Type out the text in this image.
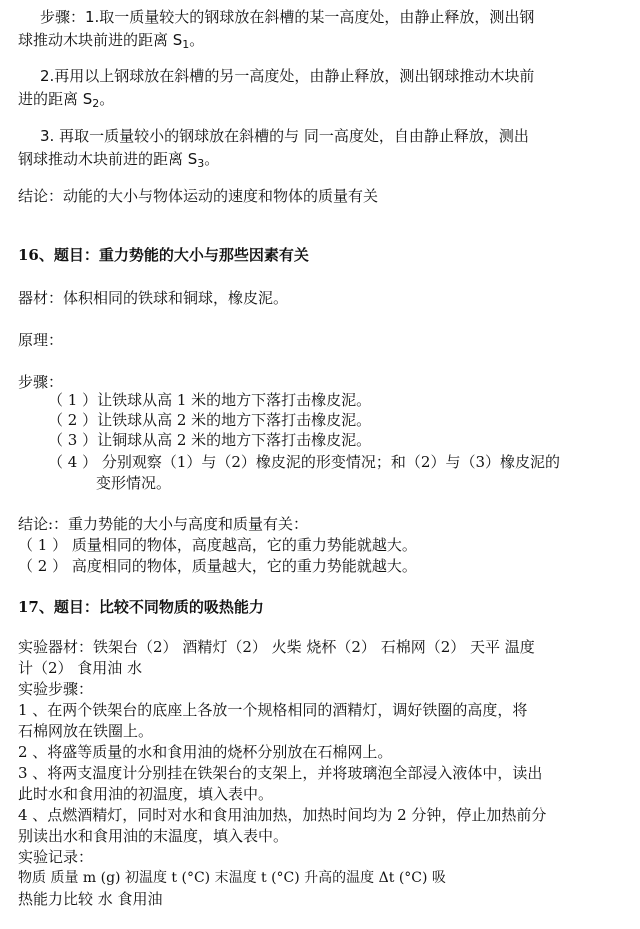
步骤：1.取一质量较大的钢球放在斜槽的某一高度处，由静止释放，测出钢
球推动木块前进的距离 $S_1$。
2.再用以上钢球放在斜槽的另一高度处，由静止释放，测出钢球推动木块前
进的距离 $S_2$。
3. 再取一质量较小的钢球放在斜槽的与 同一高度处，自由静止释放，测出
钢球推动木块前进的距离 $S_3$。
结论：动能的大小与物体运动的速度和物体的质量有关
16、题目：重力势能的大小与那些因素有关
器材：体积相同的铁球和铜球，橡皮泥。
原理：
步骤：
（ 1 ）让铁球从高 1 米的地方下落打击橡皮泥。
（ 2 ）让铁球从高 2 米的地方下落打击橡皮泥。
（ 3 ）让铜球从高 2 米的地方下落打击橡皮泥。
（ 4 ） 分别观察（1）与（2）橡皮泥的形变情况；和（2）与（3）橡皮泥的
变形情况。
结论:：重力势能的大小与高度和质量有关：
（ 1 ） 质量相同的物体，高度越高，它的重力势能就越大。
（ 2 ） 高度相同的物体，质量越大，它的重力势能就越大。
17、题目：比较不同物质的吸热能力
实验器材：铁架台（2） 酒精灯（2） 火柴 烧杯（2） 石棉网（2） 天平 温度
计（2） 食用油 水
实验步骤：
1 、在两个铁架台的底座上各放一个规格相同的酒精灯，调好铁圈的高度，将
石棉网放在铁圈上。
2 、将盛等质量的水和食用油的烧杯分别放在石棉网上。
3 、将两支温度计分别挂在铁架台的支架上，并将玻璃泡全部浸入液体中，读出
此时水和食用油的初温度，填入表中。
4 、点燃酒精灯，同时对水和食用油加热，加热时间均为 2 分钟，停止加热前分
别读出水和食用油的末温度，填入表中。
实验记录：
物质 质量 m (g) 初温度 t (°C) 末温度 t (°C) 升高的温度 Δt (°C) 吸
热能力比较 水 食用油
